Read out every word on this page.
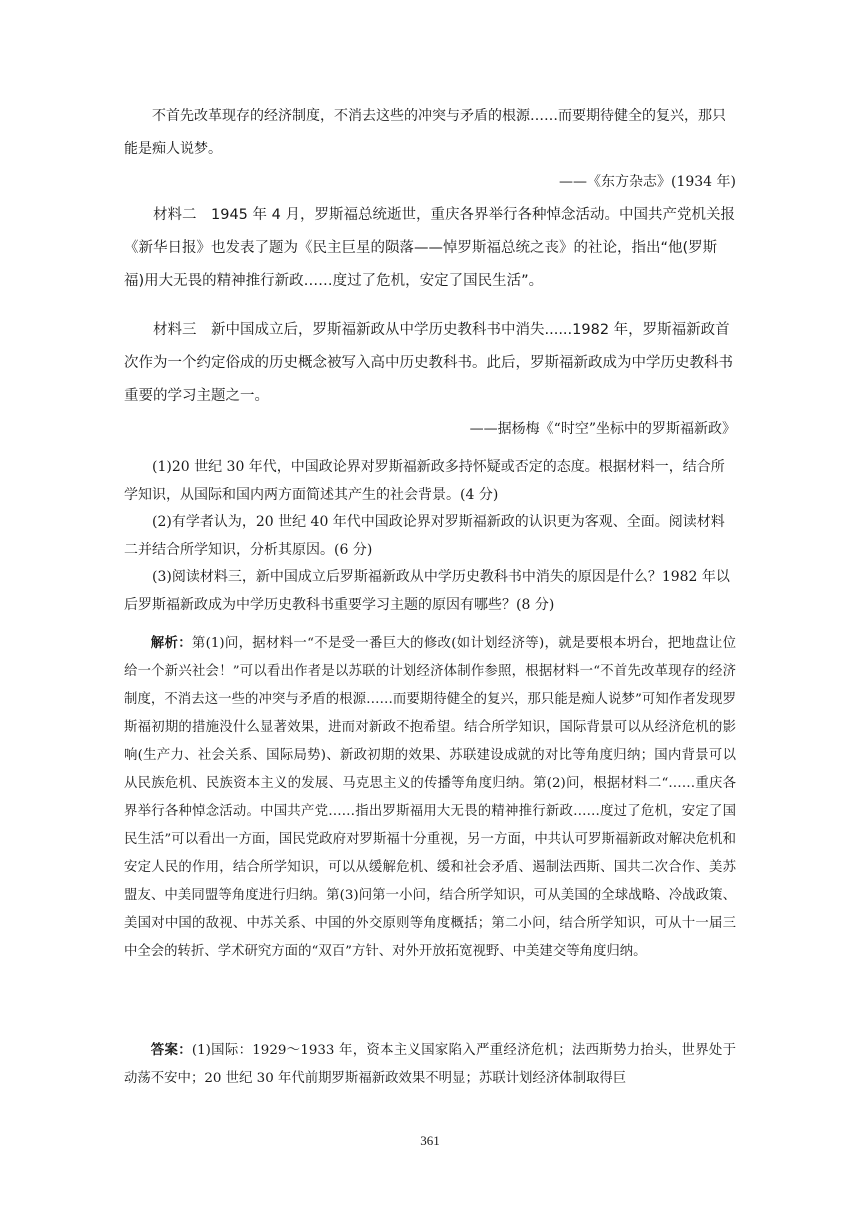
不首先改革现存的经济制度，不消去这些的冲突与矛盾的根源……而要期待健全的复兴，那只能是痴人说梦。

——《东方杂志》(1934 年)

材料二　 1945 年 4 月，罗斯福总统逝世，重庆各界举行各种悼念活动。中国共产党机关报《新华日报》也发表了题为《民主巨星的陨落——悼罗斯福总统之丧》的社论，指出“他(罗斯福)用大无畏的精神推行新政……度过了危机，安定了国民生活”。

材料三　 新中国成立后，罗斯福新政从中学历史教科书中消失......1982 年，罗斯福新政首次作为一个约定俗成的历史概念被写入高中历史教科书。此后，罗斯福新政成为中学历史教科书重要的学习主题之一。

——据杨梅《“时空”坐标中的罗斯福新政》

(1)20 世纪 30 年代，中国政论界对罗斯福新政多持怀疑或否定的态度。根据材料一，结合所学知识，从国际和国内两方面简述其产生的社会背景。(4 分)

(2)有学者认为，20 世纪 40 年代中国政论界对罗斯福新政的认识更为客观、全面。阅读材料二并结合所学知识，分析其原因。(6 分)

(3)阅读材料三，新中国成立后罗斯福新政从中学历史教科书中消失的原因是什么？1982 年以后罗斯福新政成为中学历史教科书重要学习主题的原因有哪些？(8 分)

解析：第(1)问，据材料一“不是受一番巨大的修改(如计划经济等)，就是要根本坍台，把地盘让位给一个新兴社会！”可以看出作者是以苏联的计划经济体制作参照，根据材料一“不首先改革现存的经济制度，不消去这一些的冲突与矛盾的根源……而要期待健全的复兴，那只能是痴人说梦”可知作者发现罗斯福初期的措施没什么显著效果，进而对新政不抱希望。结合所学知识，国际背景可以从经济危机的影响(生产力、社会关系、国际局势)、新政初期的效果、苏联建设成就的对比等角度归纳；国内背景可以从民族危机、民族资本主义的发展、马克思主义的传播等角度归纳。第(2)问，根据材料二“……重庆各界举行各种悼念活动。中国共产党……指出罗斯福用大无畏的精神推行新政……度过了危机，安定了国民生活”可以看出一方面，国民党政府对罗斯福十分重视，另一方面，中共认可罗斯福新政对解决危机和安定人民的作用，结合所学知识，可以从缓解危机、缓和社会矛盾、遏制法西斯、国共二次合作、美苏盟友、中美同盟等角度进行归纳。第(3)问第一小问，结合所学知识，可从美国的全球战略、冷战政策、美国对中国的敌视、中苏关系、中国的外交原则等角度概括；第二小问，结合所学知识，可从十一届三中全会的转折、学术研究方面的“双百”方针、对外开放拓宽视野、中美建交等角度归纳。

答案：(1)国际：1929～1933 年，资本主义国家陷入严重经济危机；法西斯势力抬头，世界处于动荡不安中；20 世纪 30 年代前期罗斯福新政效果不明显；苏联计划经济体制取得巨

361
